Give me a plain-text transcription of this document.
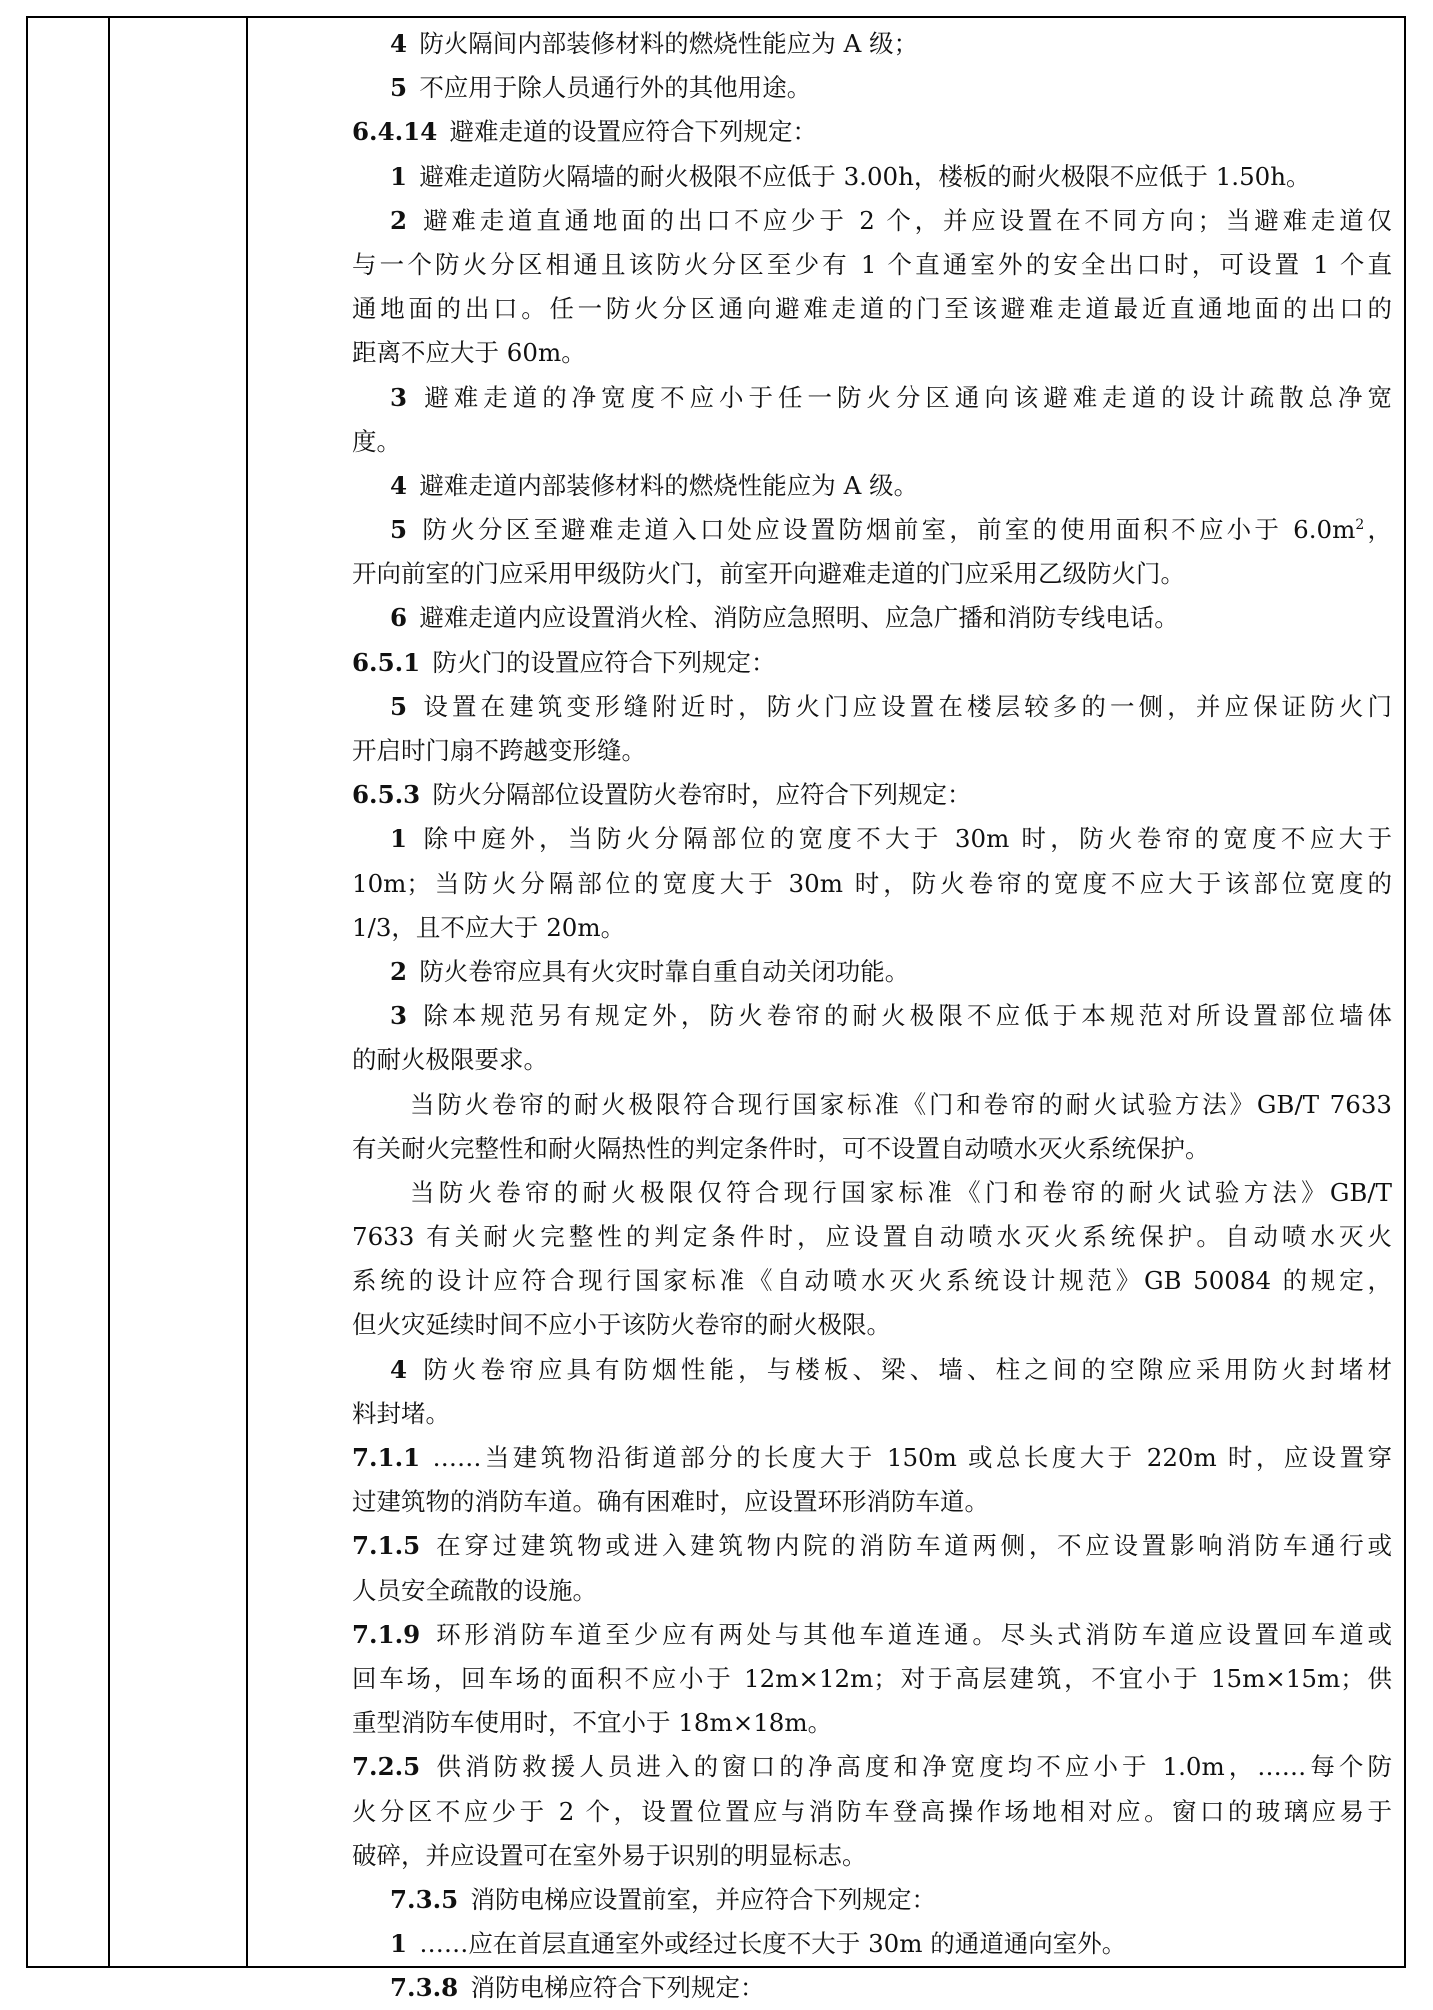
4 防火隔间内部装修材料的燃烧性能应为 A 级；
5 不应用于除人员通行外的其他用途。
6.4.14 避难走道的设置应符合下列规定：
1 避难走道防火隔墙的耐火极限不应低于 3.00h，楼板的耐火极限不应低于 1.50h。
2 避难走道直通地面的出口不应少于 2 个，并应设置在不同方向；当避难走道仅
与一个防火分区相通且该防火分区至少有 1 个直通室外的安全出口时，可设置 1 个直
通地面的出口。任一防火分区通向避难走道的门至该避难走道最近直通地面的出口的
距离不应大于 60m。
3 避难走道的净宽度不应小于任一防火分区通向该避难走道的设计疏散总净宽
度。
4 避难走道内部装修材料的燃烧性能应为 A 级。
5 防火分区至避难走道入口处应设置防烟前室，前室的使用面积不应小于 $6.0m^2$，
开向前室的门应采用甲级防火门，前室开向避难走道的门应采用乙级防火门。
6 避难走道内应设置消火栓、消防应急照明、应急广播和消防专线电话。
6.5.1 防火门的设置应符合下列规定：
5 设置在建筑变形缝附近时，防火门应设置在楼层较多的一侧，并应保证防火门
开启时门扇不跨越变形缝。
6.5.3 防火分隔部位设置防火卷帘时，应符合下列规定：
1 除中庭外，当防火分隔部位的宽度不大于 30m 时，防火卷帘的宽度不应大于
10m；当防火分隔部位的宽度大于 30m 时，防火卷帘的宽度不应大于该部位宽度的
1/3，且不应大于 20m。
2 防火卷帘应具有火灾时靠自重自动关闭功能。
3 除本规范另有规定外，防火卷帘的耐火极限不应低于本规范对所设置部位墙体
的耐火极限要求。
当防火卷帘的耐火极限符合现行国家标准《门和卷帘的耐火试验方法》GB/T 7633
有关耐火完整性和耐火隔热性的判定条件时，可不设置自动喷水灭火系统保护。
当防火卷帘的耐火极限仅符合现行国家标准《门和卷帘的耐火试验方法》GB/T
7633 有关耐火完整性的判定条件时，应设置自动喷水灭火系统保护。自动喷水灭火
系统的设计应符合现行国家标准《自动喷水灭火系统设计规范》GB 50084 的规定，
但火灾延续时间不应小于该防火卷帘的耐火极限。
4 防火卷帘应具有防烟性能，与楼板、梁、墙、柱之间的空隙应采用防火封堵材
料封堵。
7.1.1 ……当建筑物沿街道部分的长度大于 150m 或总长度大于 220m 时，应设置穿
过建筑物的消防车道。确有困难时，应设置环形消防车道。
7.1.5 在穿过建筑物或进入建筑物内院的消防车道两侧，不应设置影响消防车通行或
人员安全疏散的设施。
7.1.9 环形消防车道至少应有两处与其他车道连通。尽头式消防车道应设置回车道或
回车场，回车场的面积不应小于 12m×12m；对于高层建筑，不宜小于 15m×15m；供
重型消防车使用时，不宜小于 18m×18m。
7.2.5 供消防救援人员进入的窗口的净高度和净宽度均不应小于 1.0m，……每个防
火分区不应少于 2 个，设置位置应与消防车登高操作场地相对应。窗口的玻璃应易于
破碎，并应设置可在室外易于识别的明显标志。
7.3.5 消防电梯应设置前室，并应符合下列规定：
1 ……应在首层直通室外或经过长度不大于 30m 的通道通向室外。
7.3.8 消防电梯应符合下列规定：
